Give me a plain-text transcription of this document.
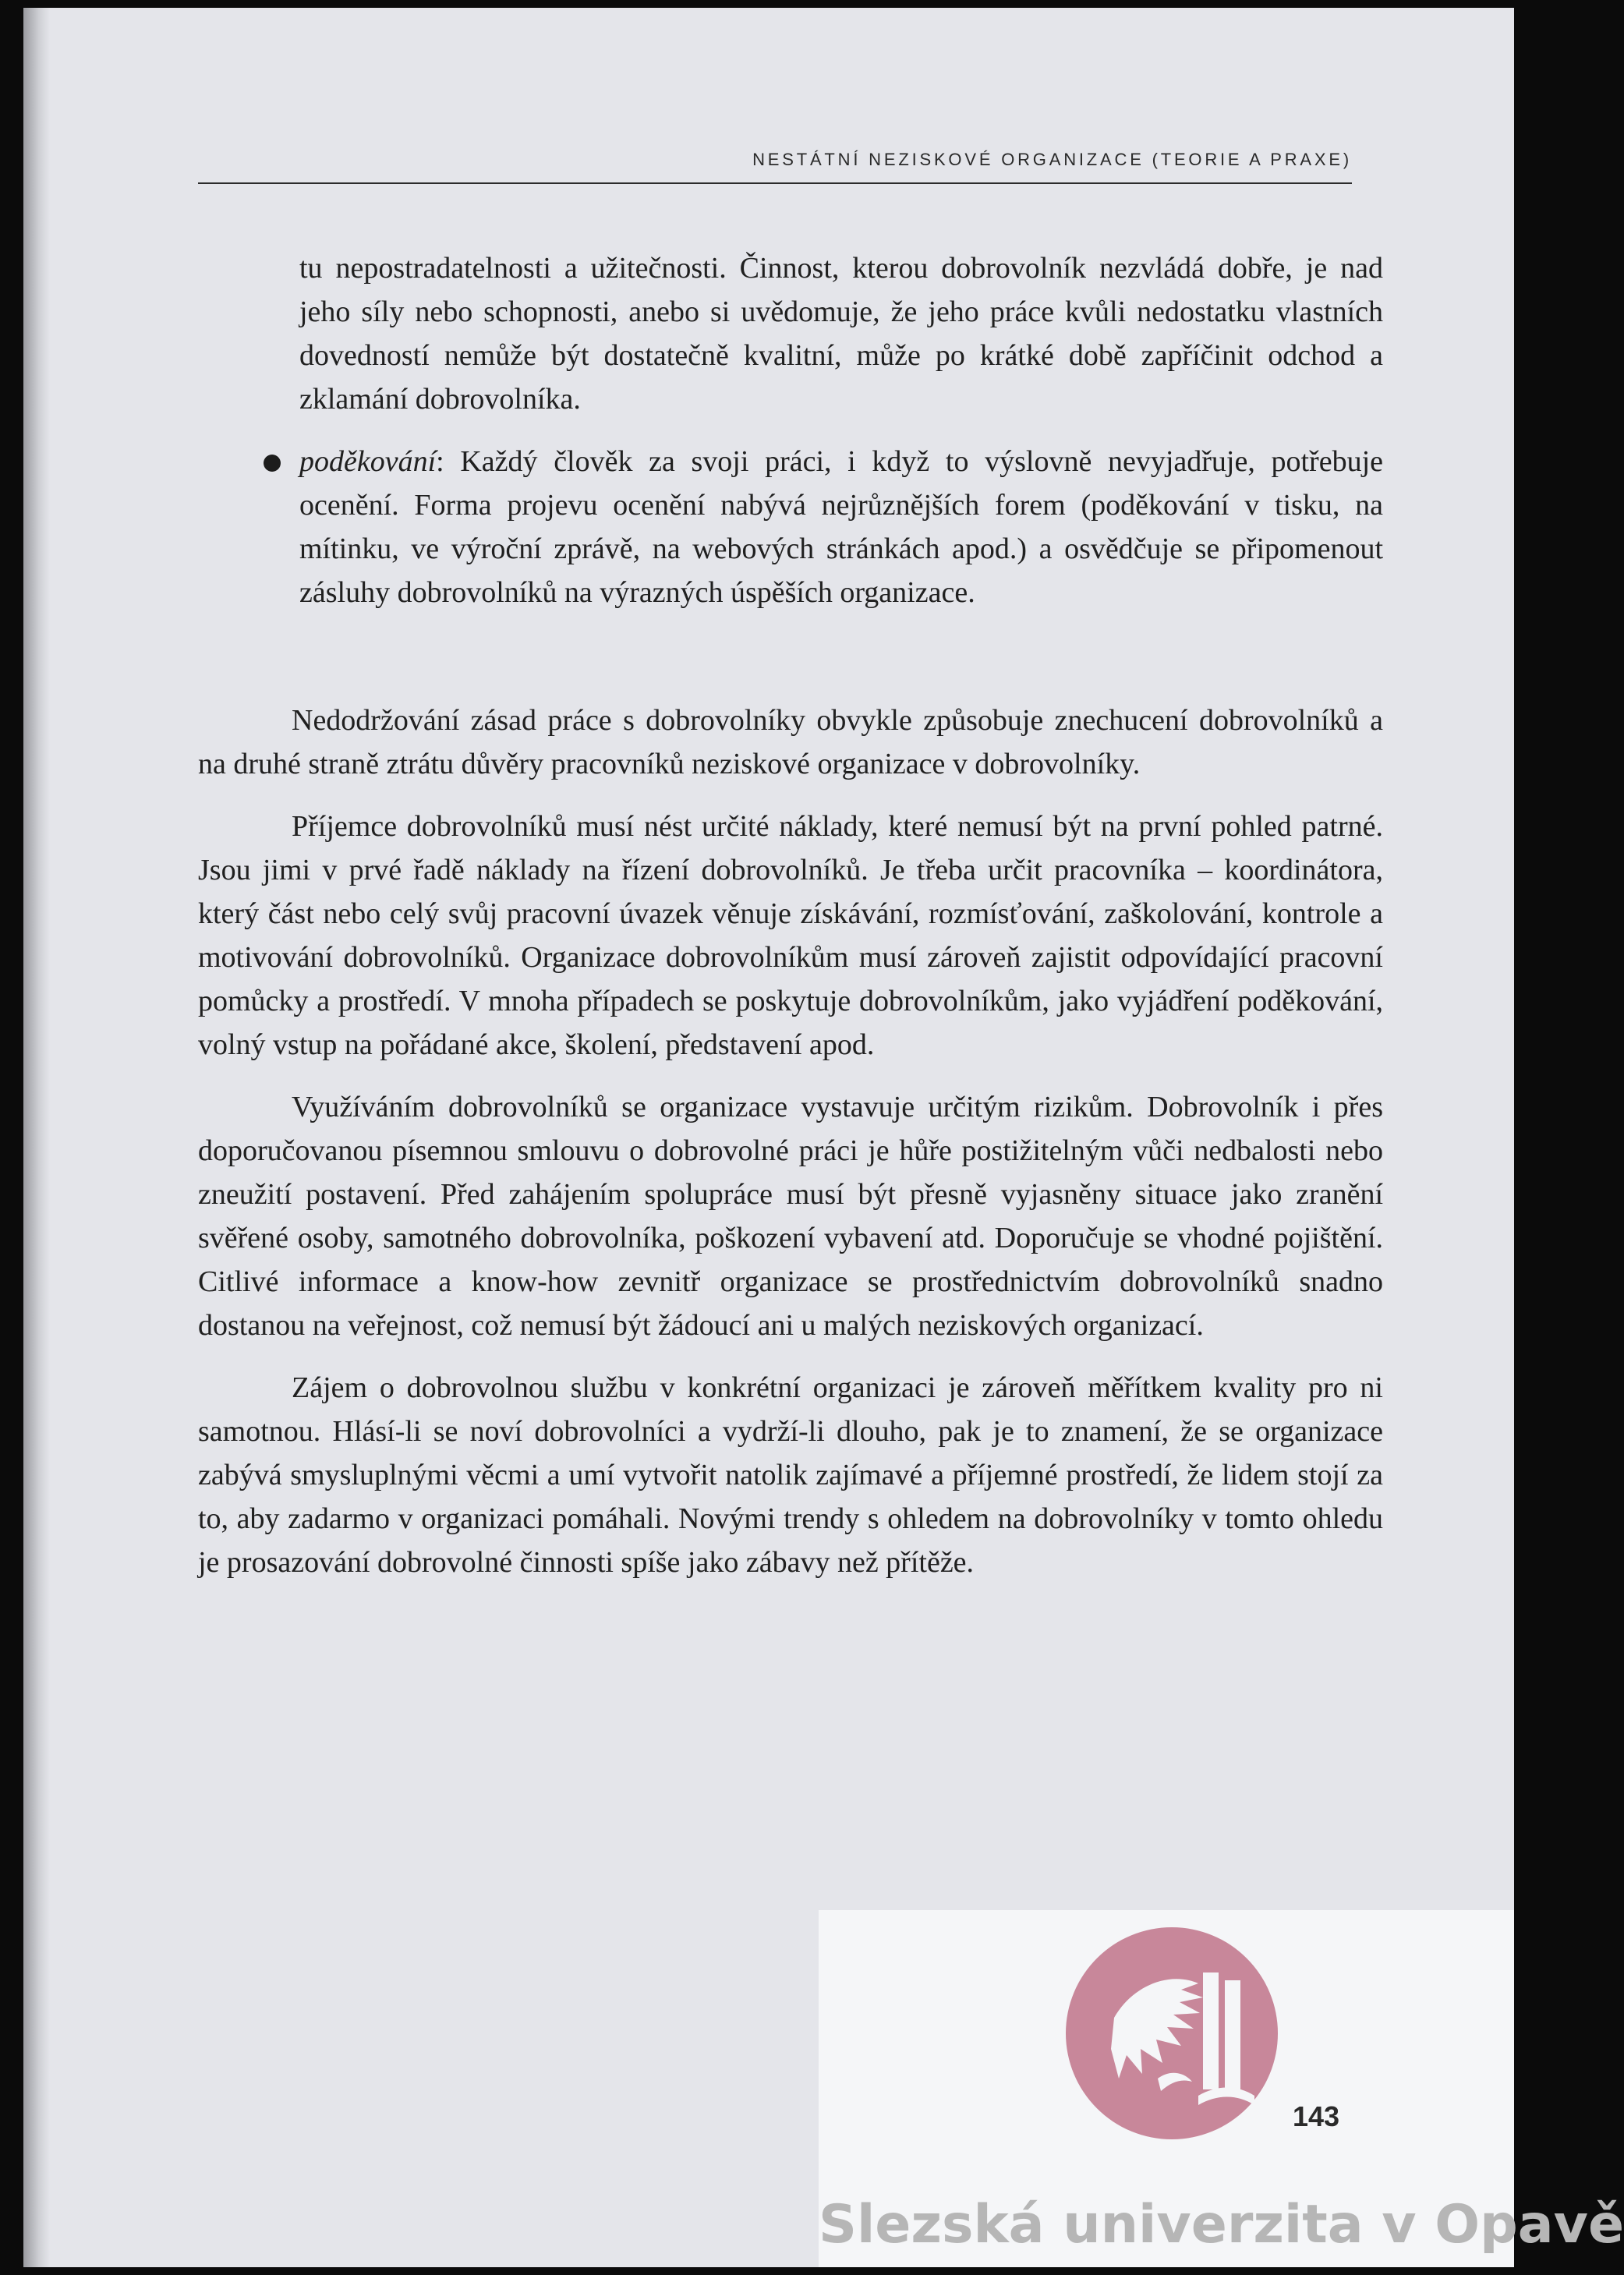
NESTÁTNÍ NEZISKOVÉ ORGANIZACE (TEORIE A PRAXE)

tu nepostradatelnosti a užitečnosti. Činnost, kterou dobrovolník nezvládá dobře, je nad jeho síly nebo schopnosti, anebo si uvědomuje, že jeho práce kvůli nedostatku vlastních dovedností nemůže být dostatečně kvalitní, může po krátké době zapříčinit odchod a zklamání dobrovolníka.

poděkování: Každý člověk za svoji práci, i když to výslovně nevyjadřuje, potřebuje ocenění. Forma projevu ocenění nabývá nejrůznějších forem (poděkování v tisku, na mítinku, ve výroční zprávě, na webových stránkách apod.) a osvědčuje se připomenout zásluhy dobrovolníků na výrazných úspěších organizace.

Nedodržování zásad práce s dobrovolníky obvykle způsobuje znechucení dobrovolníků a na druhé straně ztrátu důvěry pracovníků neziskové organizace v dobrovolníky.

Příjemce dobrovolníků musí nést určité náklady, které nemusí být na první pohled patrné. Jsou jimi v prvé řadě náklady na řízení dobrovolníků. Je třeba určit pracovníka – koordinátora, který část nebo celý svůj pracovní úvazek věnuje získávání, rozmísťování, zaškolování, kontrole a motivování dobrovolníků. Organizace dobrovolníkům musí zároveň zajistit odpovídající pracovní pomůcky a prostředí. V mnoha případech se poskytuje dobrovolníkům, jako vyjádření poděkování, volný vstup na pořádané akce, školení, představení apod.

Využíváním dobrovolníků se organizace vystavuje určitým rizikům. Dobrovolník i přes doporučovanou písemnou smlouvu o dobrovolné práci je hůře postižitelným vůči nedbalosti nebo zneužití postavení. Před zahájením spolupráce musí být přesně vyjasněny situace jako zranění svěřené osoby, samotného dobrovolníka, poškození vybavení atd. Doporučuje se vhodné pojištění. Citlivé informace a know-how zevnitř organizace se prostřednictvím dobrovolníků snadno dostanou na veřejnost, což nemusí být žádoucí ani u malých neziskových organizací.

Zájem o dobrovolnou službu v konkrétní organizaci je zároveň měřítkem kvality pro ni samotnou. Hlásí-li se noví dobrovolníci a vydrží-li dlouho, pak je to znamení, že se organizace zabývá smysluplnými věcmi a umí vytvořit natolik zajímavé a příjemné prostředí, že lidem stojí za to, aby zadarmo v organizaci pomáhali. Novými trendy s ohledem na dobrovolníky v tomto ohledu je prosazování dobrovolné činnosti spíše jako zábavy než přítěže.

143
Slezská univerzita v Opavě
